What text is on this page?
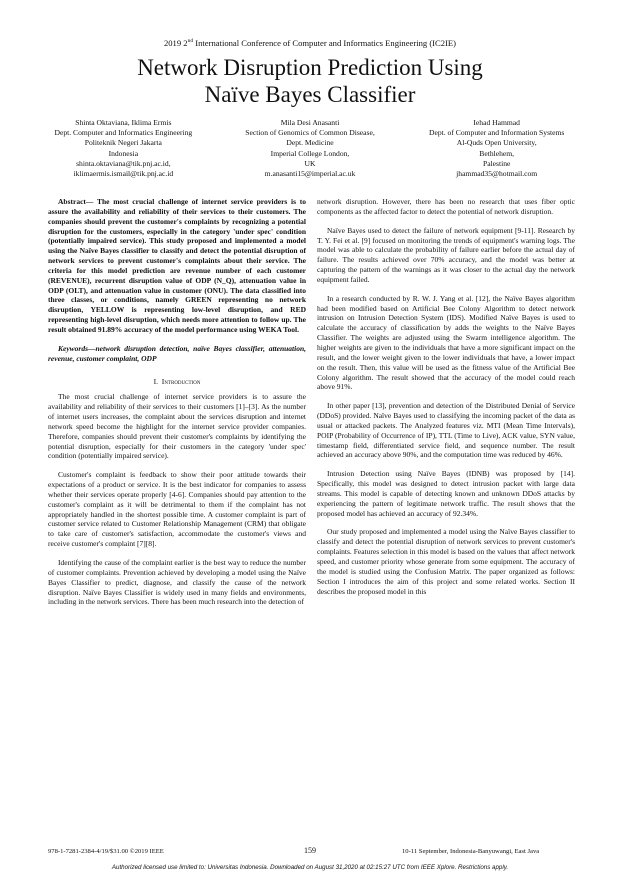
2019 2nd International Conference of Computer and Informatics Engineering (IC2IE)
Network Disruption Prediction Using
Naïve Bayes Classifier
Shinta Oktaviana, Iklima Ermis
Dept. Computer and Informatics Engineering
Politeknik Negeri Jakarta
Indonesia
shinta.oktaviana@tik.pnj.ac.id,
iklimaermis.ismail@tik.pnj.ac.id
Mila Desi Anasanti
Section of Genomics of Common Disease,
Dept. Medicine
Imperial College London,
UK
m.anasanti15@imperial.ac.uk
Iehad Hammad
Dept. of Computer and Information Systems
Al-Quds Open University,
Bethlehem,
Palestine
jhammad35@hotmail.com

Abstract— The most crucial challenge of internet service providers is to assure the availability and reliability of their services to their customers. The companies should prevent the customer's complaints by recognizing a potential disruption for the customers, especially in the category 'under spec' condition (potentially impaired service). This study proposed and implemented a model using the Naïve Bayes classifier to classify and detect the potential disruption of network services to prevent customer's complaints about their service. The criteria for this model prediction are revenue number of each customer (REVENUE), recurrent disruption value of ODP (N_Q), attenuation value in ODP (OLT), and attenuation value in customer (ONU). The data classified into three classes, or conditions, namely GREEN representing no network disruption, YELLOW is representing low-level disruption, and RED representing high-level disruption, which needs more attention to follow up. The result obtained 91.89% accuracy of the model performance using WEKA Tool.

Keywords—network disruption detection, naïve Bayes classifier, attenuation, revenue, customer complaint, ODP

I. Introduction

The most crucial challenge of internet service providers is to assure the availability and reliability of their services to their customers [1]–[3]. As the number of internet users increases, the complaint about the services disruption and internet network speed become the highlight for the internet service provider companies. Therefore, companies should prevent their customer's complaints by identifying the potential disruption, especially for their customers in the category 'under spec' condition (potentially impaired service).

Customer's complaint is feedback to show their poor attitude towards their expectations of a product or service. It is the best indicator for companies to assess whether their services operate properly [4-6]. Companies should pay attention to the customer's complaint as it will be detrimental to them if the complaint has not appropriately handled in the shortest possible time. A customer complaint is part of customer service related to Customer Relationship Management (CRM) that obligate to take care of customer's satisfaction, accommodate the customer's views and receive customer's complaint [7][8].

Identifying the cause of the complaint earlier is the best way to reduce the number of customer complaints. Prevention achieved by developing a model using the Naïve Bayes Classifier to predict, diagnose, and classify the cause of the network disruption. Naïve Bayes Classifier is widely used in many fields and environments, including in the network services. There has been much research into the detection of

network disruption. However, there has been no research that uses fiber optic components as the affected factor to detect the potential of network disruption.

Naïve Bayes used to detect the failure of network equipment [9-11]. Research by T. Y. Fei et al. [9] focused on monitoring the trends of equipment's warning logs. The model was able to calculate the probability of failure earlier before the actual day of failure. The results achieved over 70% accuracy, and the model was better at capturing the pattern of the warnings as it was closer to the actual day the network equipment failed.

In a research conducted by R. W. J. Yang et al. [12], the Naïve Bayes algorithm had been modified based on Artificial Bee Colony Algorithm to detect network intrusion on Intrusion Detection System (IDS). Modified Naïve Bayes is used to calculate the accuracy of classification by adds the weights to the Naïve Bayes Classifier. The weights are adjusted using the Swarm intelligence algorithm. The higher weights are given to the individuals that have a more significant impact on the result, and the lower weight given to the lower individuals that have, a lower impact on the result. Then, this value will be used as the fitness value of the Artificial Bee Colony algorithm. The result showed that the accuracy of the model could reach above 91%.

In other paper [13], prevention and detection of the Distributed Denial of Service (DDoS) provided. Naïve Bayes used to classifying the incoming packet of the data as usual or attacked packets. The Analyzed features viz. MTI (Mean Time Intervals), POIP (Probability of Occurrence of IP), TTL (Time to Live), ACK value, SYN value, timestamp field, differentiated service field, and sequence number. The result achieved an accuracy above 90%, and the computation time was reduced by 46%.

Intrusion Detection using Naïve Bayes (IDNB) was proposed by [14]. Specifically, this model was designed to detect intrusion packet with large data streams. This model is capable of detecting known and unknown DDoS attacks by experiencing the pattern of legitimate network traffic. The result shows that the proposed model has achieved an accuracy of 92.34%.

Our study proposed and implemented a model using the Naïve Bayes classifier to classify and detect the potential disruption of network services to prevent customer's complaints. Features selection in this model is based on the values that affect network speed, and customer priority whose generate from some equipment. The accuracy of the model is studied using the Confusion Matrix. The paper organized as follows: Section I introduces the aim of this project and some related works. Section II describes the proposed model in this

978-1-7281-2384-4/19/$31.00 ©2019 IEEE	159	10-11 September, Indonesia-Banyuwangi, East Java
Authorized licensed use limited to: Universitas Indonesia. Downloaded on August 31,2020 at 02:15:27 UTC from IEEE Xplore. Restrictions apply.
